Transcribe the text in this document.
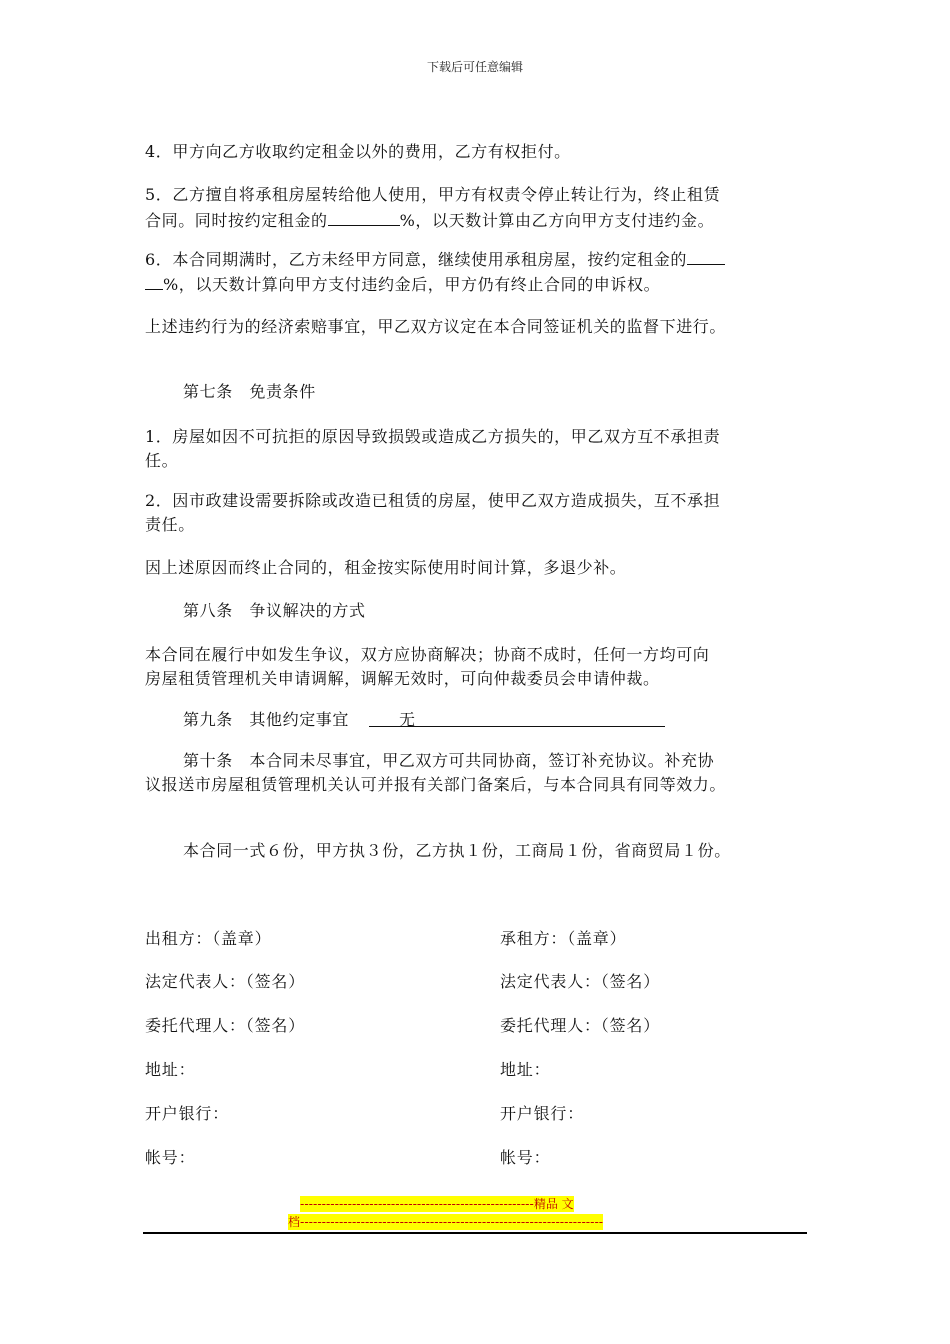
下载后可任意编辑
4．甲方向乙方收取约定租金以外的费用，乙方有权拒付。
5．乙方擅自将承租房屋转给他人使用，甲方有权责令停止转让行为，终止租赁
合同。同时按约定租金的	%，以天数计算由乙方向甲方支付违约金。
6．本合同期满时，乙方未经甲方同意，继续使用承租房屋，按约定租金的
%，以天数计算向甲方支付违约金后，甲方仍有终止合同的申诉权。
上述违约行为的经济索赔事宜，甲乙双方议定在本合同签证机关的监督下进行。
第七条　免责条件
1．房屋如因不可抗拒的原因导致损毁或造成乙方损失的，甲乙双方互不承担责
任。
2．因市政建设需要拆除或改造已租赁的房屋，使甲乙双方造成损失，互不承担
责任。
因上述原因而终止合同的，租金按实际使用时间计算，多退少补。
第八条　争议解决的方式
本合同在履行中如发生争议，双方应协商解决；协商不成时，任何一方均可向
房屋租赁管理机关申请调解，调解无效时，可向仲裁委员会申请仲裁。
第九条　其他约定事宜	无
第十条　本合同未尽事宜，甲乙双方可共同协商，签订补充协议。补充协
议报送市房屋租赁管理机关认可并报有关部门备案后，与本合同具有同等效力。
本合同一式６份，甲方执３份，乙方执１份，工商局１份，省商贸局１份。
出租方：（盖章）
法定代表人：（签名）
委托代理人：（签名）
地址：
开户银行：
帐号：
承租方：（盖章）
法定代表人：（签名）
委托代理人：（签名）
地址：
开户银行：
帐号：
------------------------------------------------------精品 文
档----------------------------------------------------------------------
